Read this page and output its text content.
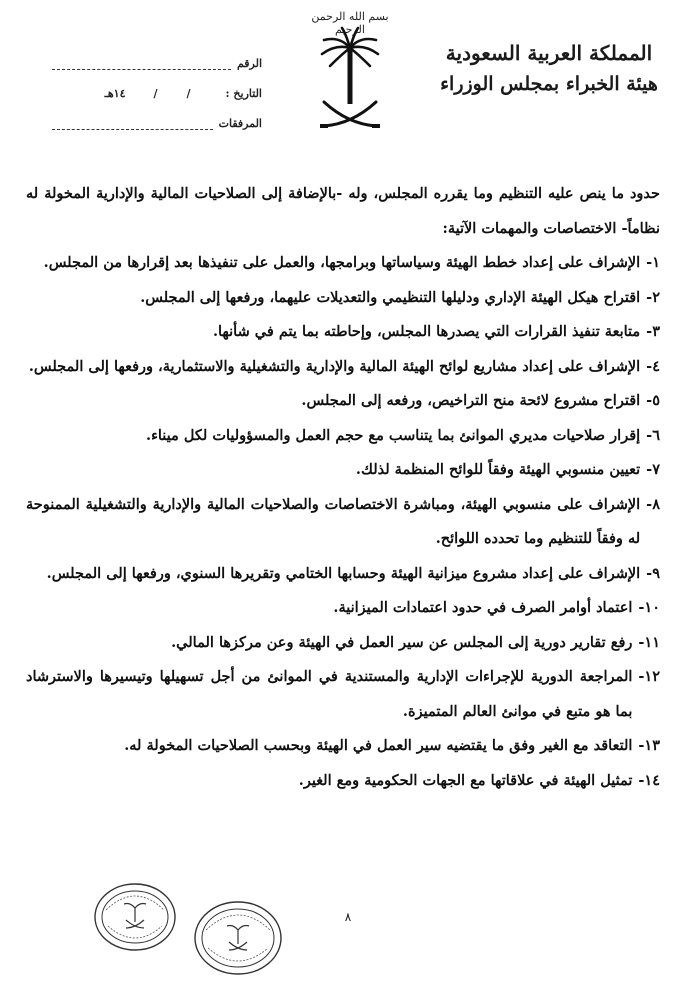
بسم الله الرحمن الرحيم
المملكة العربية السعودية
هيئة الخبراء بمجلس الوزراء
الرقم
التاريخ :
//١٤هـ
المرفقات

حدود ما ينص عليه التنظيم وما يقرره المجلس، وله -بالإضافة إلى الصلاحيات المالية والإدارية المخولة له نظاماً- الاختصاصات والمهمات الآتية:

١-
الإشراف على إعداد خطط الهيئة وسياساتها وبرامجها، والعمل على تنفيذها بعد إقرارها من المجلس.
٢-
اقتراح هيكل الهيئة الإداري ودليلها التنظيمي والتعديلات عليهما، ورفعها إلى المجلس.
٣-
متابعة تنفيذ القرارات التي يصدرها المجلس، وإحاطته بما يتم في شأنها.
٤-
الإشراف على إعداد مشاريع لوائح الهيئة المالية والإدارية والتشغيلية والاستثمارية، ورفعها إلى المجلس.
٥-
اقتراح مشروع لائحة منح التراخيص، ورفعه إلى المجلس.
٦-
إقرار صلاحيات مديري الموانئ بما يتناسب مع حجم العمل والمسؤوليات لكل ميناء.
٧-
تعيين منسوبي الهيئة وفقاً للوائح المنظمة لذلك.
٨-
الإشراف على منسوبي الهيئة، ومباشرة الاختصاصات والصلاحيات المالية والإدارية والتشغيلية الممنوحة له وفقاً للتنظيم وما تحدده اللوائح.
٩-
الإشراف على إعداد مشروع ميزانية الهيئة وحسابها الختامي وتقريرها السنوي، ورفعها إلى المجلس.
١٠-
اعتماد أوامر الصرف في حدود اعتمادات الميزانية.
١١-
رفع تقارير دورية إلى المجلس عن سير العمل في الهيئة وعن مركزها المالي.
١٢-
المراجعة الدورية للإجراءات الإدارية والمستندية في الموانئ من أجل تسهيلها وتيسيرها والاسترشاد بما هو متبع في موانئ العالم المتميزة.
١٣-
التعاقد مع الغير وفق ما يقتضيه سير العمل في الهيئة وبحسب الصلاحيات المخولة له.
١٤-
تمثيل الهيئة في علاقاتها مع الجهات الحكومية ومع الغير.
٨
